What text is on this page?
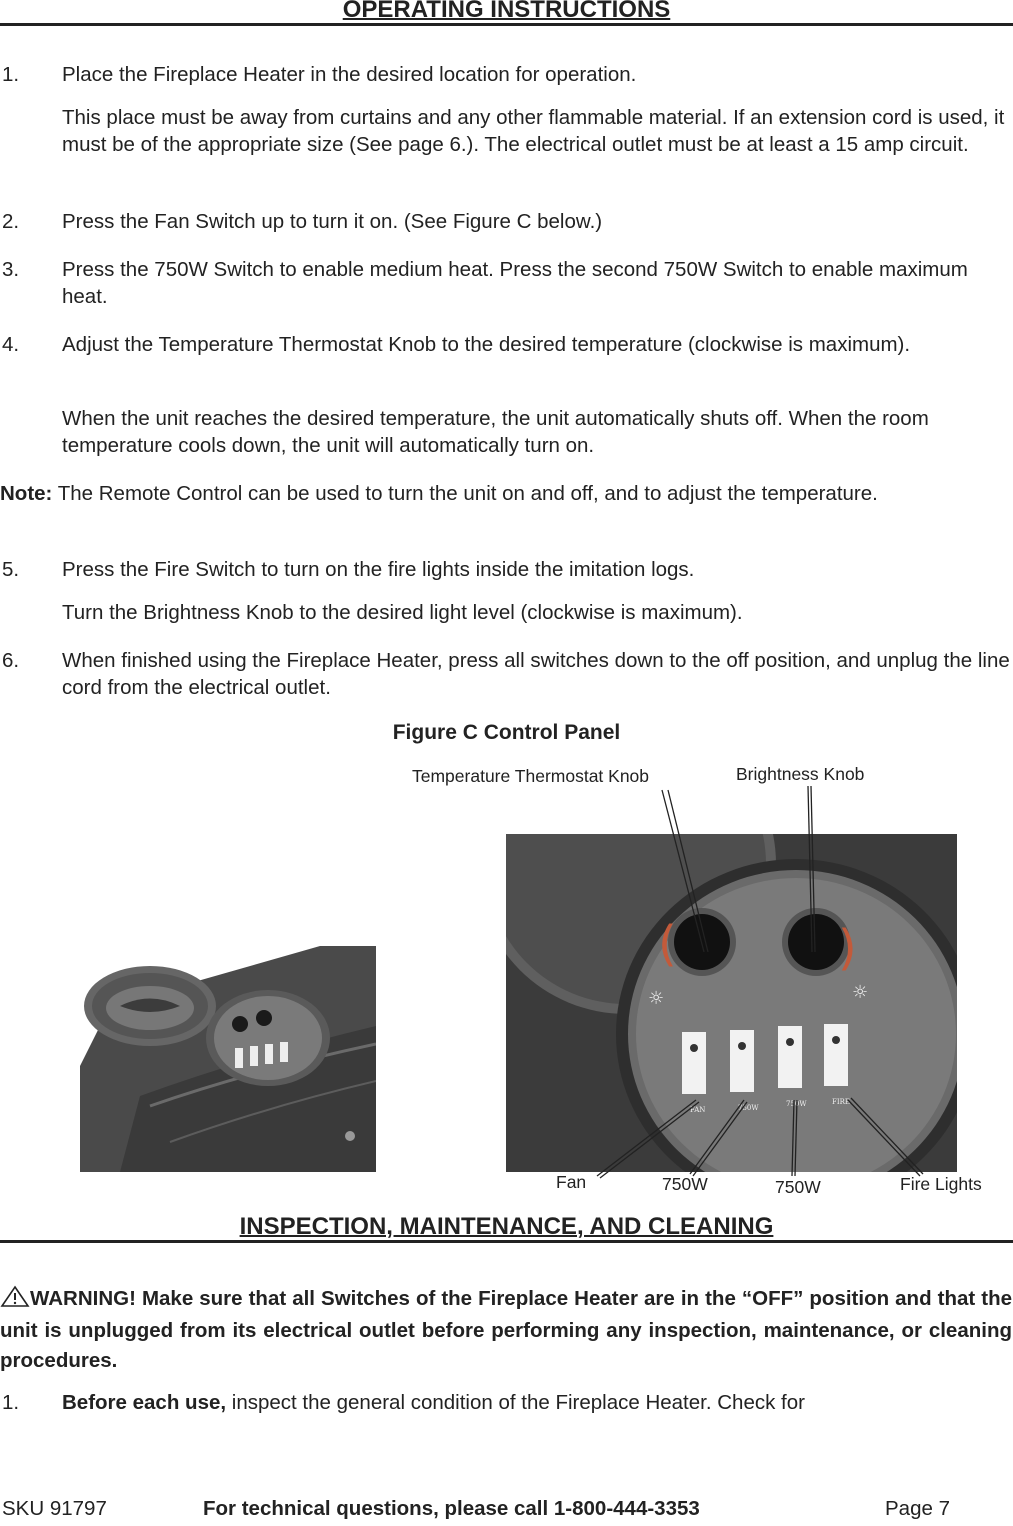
OPERATING INSTRUCTIONS
1. Place the Fireplace Heater in the desired location for operation.
This place must be away from curtains and any other flammable material. If an extension cord is used, it must be of the appropriate size (See page 6.). The electrical outlet must be at least a 15 amp circuit.
2. Press the Fan Switch up to turn it on. (See Figure C below.)
3. Press the 750W Switch to enable medium heat. Press the second 750W Switch to enable maximum heat.
4. Adjust the Temperature Thermostat Knob to the desired temperature (clockwise is maximum).
When the unit reaches the desired temperature, the unit automatically shuts off. When the room temperature cools down, the unit will automatically turn on.
Note: The Remote Control can be used to turn the unit on and off, and to adjust the temperature.
5. Press the Fire Switch to turn on the fire lights inside the imitation logs.
Turn the Brightness Knob to the desired light level (clockwise is maximum).
6. When finished using the Fireplace Heater, press all switches down to the off position, and unplug the line cord from the electrical outlet.
Figure C Control Panel
Temperature Thermostat Knob	Brightness Knob
(	)
☼	☼
FAN	750W	750W	FIRE
Fan	750W	750W	Fire Lights
INSPECTION, MAINTENANCE, AND CLEANING
WARNING! Make sure that all Switches of the Fireplace Heater are in the “OFF” position and that the unit is unplugged from its electrical outlet before performing any inspection, maintenance, or cleaning procedures.
1. Before each use, inspect the general condition of the Fireplace Heater. Check for
SKU 91797	For technical questions, please call 1-800-444-3353	Page 7
